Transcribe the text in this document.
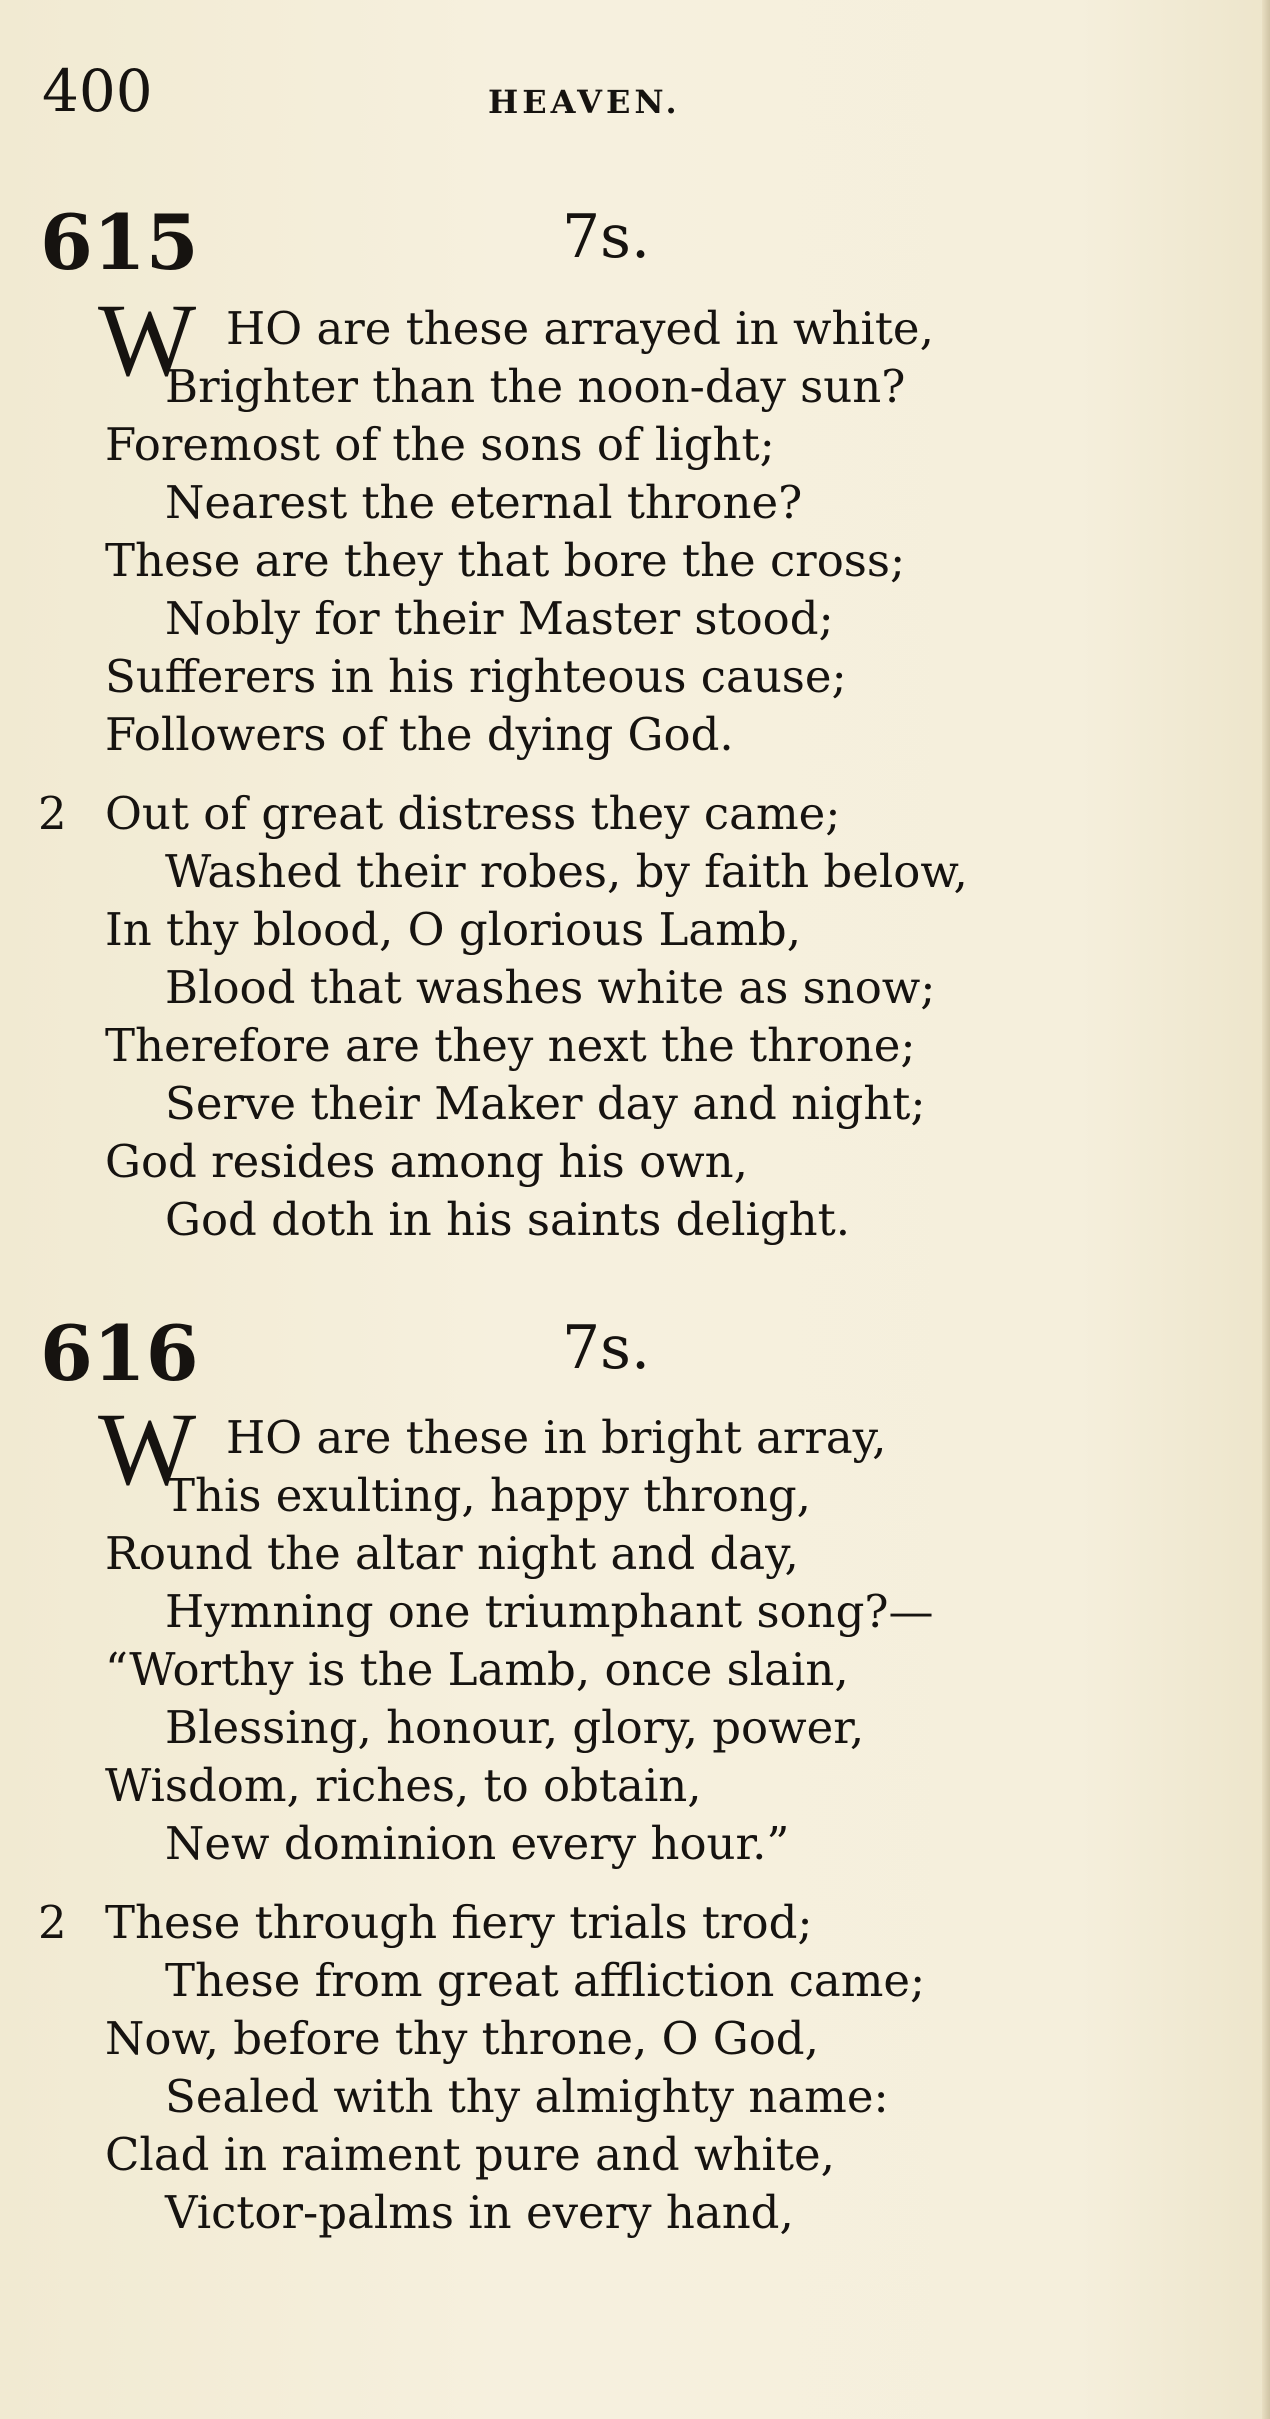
400	HEAVEN.
615	7s.
W HO are these arrayed in white,
Brighter than the noon-day sun?
Foremost of the sons of light;
Nearest the eternal throne?
These are they that bore the cross;
Nobly for their Master stood;
Sufferers in his righteous cause;
Followers of the dying God.
2 Out of great distress they came;
Washed their robes, by faith below,
In thy blood, O glorious Lamb,
Blood that washes white as snow;
Therefore are they next the throne;
Serve their Maker day and night;
God resides among his own,
God doth in his saints delight.
616	7s.
W HO are these in bright array,
This exulting, happy throng,
Round the altar night and day,
Hymning one triumphant song?—
“Worthy is the Lamb, once slain,
Blessing, honour, glory, power,
Wisdom, riches, to obtain,
New dominion every hour.”
2 These through fiery trials trod;
These from great affliction came;
Now, before thy throne, O God,
Sealed with thy almighty name:
Clad in raiment pure and white,
Victor-palms in every hand,
